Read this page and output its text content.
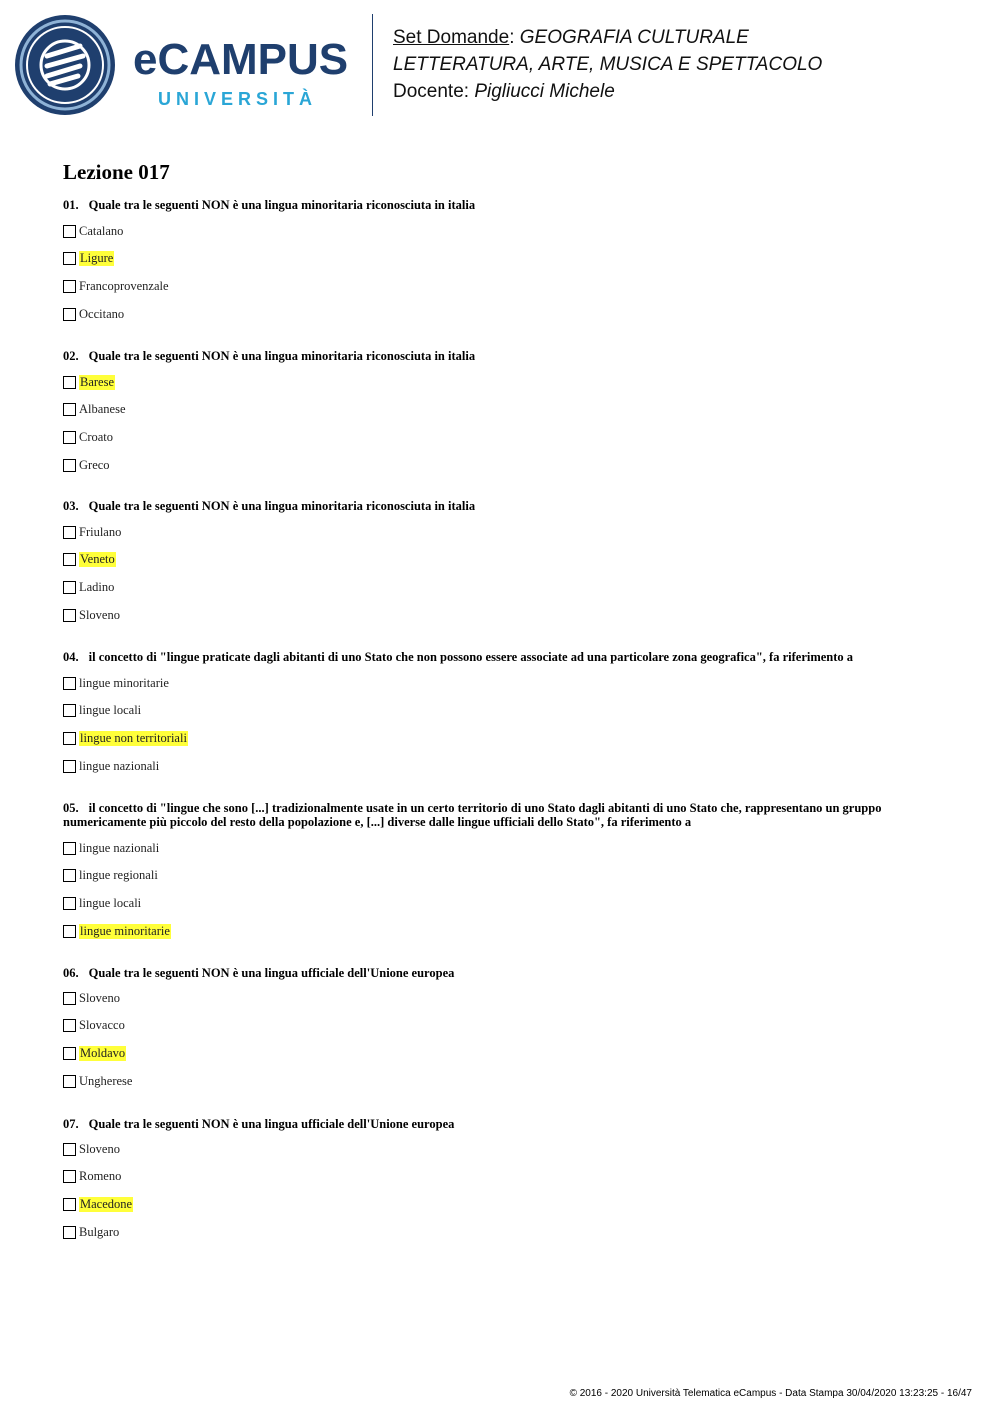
eCAMPUS
UNIVERSITÀ
Set Domande: GEOGRAFIA CULTURALE
LETTERATURA, ARTE, MUSICA E SPETTACOLO
Docente: Pigliucci Michele
Lezione 017
01. Quale tra le seguenti NON è una lingua minoritaria riconosciuta in italia
Catalano
Ligure
Francoprovenzale
Occitano
02. Quale tra le seguenti NON è una lingua minoritaria riconosciuta in italia
Barese
Albanese
Croato
Greco
03. Quale tra le seguenti NON è una lingua minoritaria riconosciuta in italia
Friulano
Veneto
Ladino
Sloveno
04. il concetto di "lingue praticate dagli abitanti di uno Stato che non possono essere associate ad una particolare zona geografica", fa riferimento a
lingue minoritarie
lingue locali
lingue non territoriali
lingue nazionali
05. il concetto di "lingue che sono [...] tradizionalmente usate in un certo territorio di uno Stato dagli abitanti di uno Stato che, rappresentano un gruppo numericamente più piccolo del resto della popolazione e, [...] diverse dalle lingue ufficiali dello Stato", fa riferimento a
lingue nazionali
lingue regionali
lingue locali
lingue minoritarie
06. Quale tra le seguenti NON è una lingua ufficiale dell'Unione europea
Sloveno
Slovacco
Moldavo
Ungherese
07. Quale tra le seguenti NON è una lingua ufficiale dell'Unione europea
Sloveno
Romeno
Macedone
Bulgaro
© 2016 - 2020 Università Telematica eCampus - Data Stampa 30/04/2020 13:23:25 - 16/47
